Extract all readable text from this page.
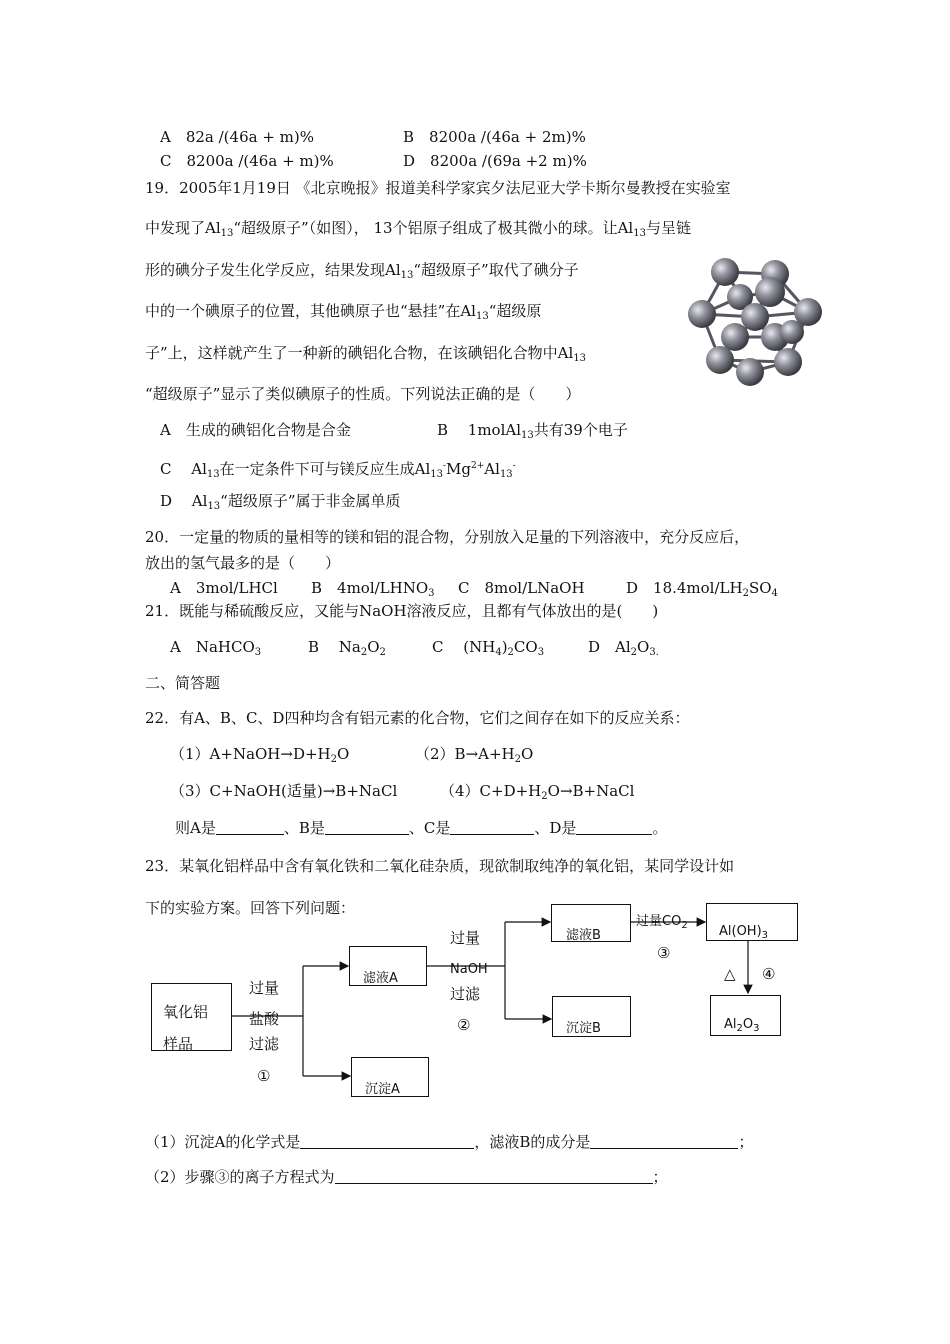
A　82a /(46a + m)%	B　8200a /(46a + 2m)%
C　8200a /(46a + m)%	D　8200a /(69a +2 m)%
19．2005年1月19日 《北京晚报》报道美科学家宾夕法尼亚大学卡斯尔曼教授在实验室
中发现了$Al_{13}“$超级原子”（如图）， 13个铝原子组成了极其微小的球。让$Al_{13}$与呈链
形的碘分子发生化学反应，结果发现$Al_{13}“$超级原子”取代了碘分子
中的一个碘原子的位置，其他碘原子也“悬挂”在$Al_{13}“$超级原
子”上，这样就产生了一种新的碘铝化合物，在该碘铝化合物中$Al_{13}$
“超级原子”显示了类似碘原子的性质。下列说法正确的是（　　）
A　生成的碘铝化合物是合金	B　 1molAl$_{13}$共有39个电子
C　 $Al_{13}$在一定条件下可与镁反应生成$Al_{13}^-Mg^{2+}Al_{13}^-$
D　 $Al_{13}“$超级原子”属于非金属单质
20．一定量的物质的量相等的镁和铝的混合物，分别放入足量的下列溶液中，充分反应后，
放出的氢气最多的是（　　）
A　3mol/LHCl B　$4mol/LHNO_3$ C　8mol/LNaOH	D　$18.4mol/LH_2SO_4$
21．既能与稀硫酸反应，又能与NaOH溶液反应，且都有气体放出的是(　　)
A　NaHCO$_3$	B　 $Na_2O_2$	C　 $(NH_4)_2CO_3$	D　$Al_2O_{3.}$
二、简答题
22．有A、B、C、D四种均含有铝元素的化合物，它们之间存在如下的反应关系：
$(1)A+NaOH\to D+H_2O$	$(2)B\to A+H_2O$
（3）C+NaOH(适量)→B+NaCl	$(4)C+D+H_2O\to B+NaCl$
则A是	、B是	、C是	、D是	。
23．某氧化铝样品中含有氧化铁和二氧化硅杂质，现欲制取纯净的氧化铝，某同学设计如
下的实验方案。回答下列问题：
氧化铝
样品
滤液A
沉淀A
滤液B
沉淀B
$Al(OH)_3$
$Al_2O_3$
过量
盐酸
过滤
①
过量
NaOH
过滤
②
过量$CO_2$
③
△ ④
（1）沉淀A的化学式是	，滤液B的成分是	；
（2）步骤③的离子方程式为	；
